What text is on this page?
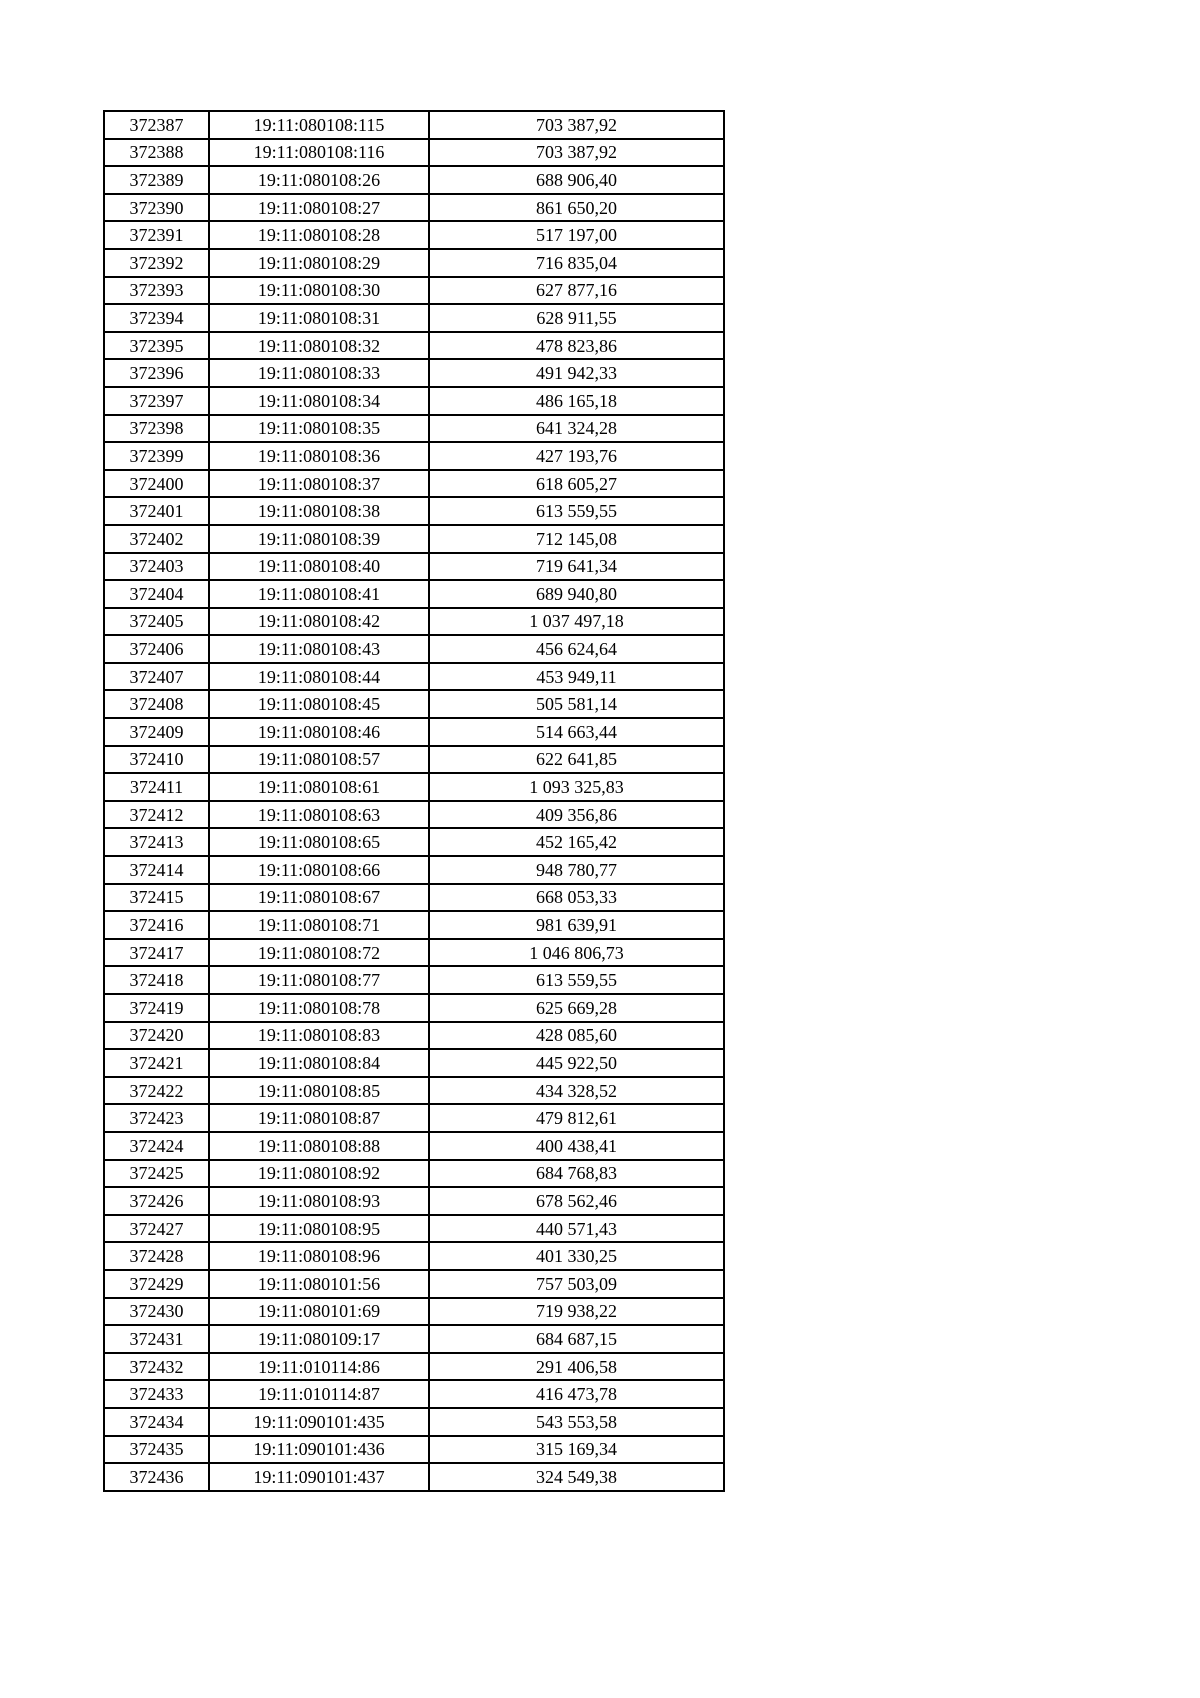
372387	19:11:080108:115	703 387,92
372388	19:11:080108:116	703 387,92
372389	19:11:080108:26	688 906,40
372390	19:11:080108:27	861 650,20
372391	19:11:080108:28	517 197,00
372392	19:11:080108:29	716 835,04
372393	19:11:080108:30	627 877,16
372394	19:11:080108:31	628 911,55
372395	19:11:080108:32	478 823,86
372396	19:11:080108:33	491 942,33
372397	19:11:080108:34	486 165,18
372398	19:11:080108:35	641 324,28
372399	19:11:080108:36	427 193,76
372400	19:11:080108:37	618 605,27
372401	19:11:080108:38	613 559,55
372402	19:11:080108:39	712 145,08
372403	19:11:080108:40	719 641,34
372404	19:11:080108:41	689 940,80
372405	19:11:080108:42	1 037 497,18
372406	19:11:080108:43	456 624,64
372407	19:11:080108:44	453 949,11
372408	19:11:080108:45	505 581,14
372409	19:11:080108:46	514 663,44
372410	19:11:080108:57	622 641,85
372411	19:11:080108:61	1 093 325,83
372412	19:11:080108:63	409 356,86
372413	19:11:080108:65	452 165,42
372414	19:11:080108:66	948 780,77
372415	19:11:080108:67	668 053,33
372416	19:11:080108:71	981 639,91
372417	19:11:080108:72	1 046 806,73
372418	19:11:080108:77	613 559,55
372419	19:11:080108:78	625 669,28
372420	19:11:080108:83	428 085,60
372421	19:11:080108:84	445 922,50
372422	19:11:080108:85	434 328,52
372423	19:11:080108:87	479 812,61
372424	19:11:080108:88	400 438,41
372425	19:11:080108:92	684 768,83
372426	19:11:080108:93	678 562,46
372427	19:11:080108:95	440 571,43
372428	19:11:080108:96	401 330,25
372429	19:11:080101:56	757 503,09
372430	19:11:080101:69	719 938,22
372431	19:11:080109:17	684 687,15
372432	19:11:010114:86	291 406,58
372433	19:11:010114:87	416 473,78
372434	19:11:090101:435	543 553,58
372435	19:11:090101:436	315 169,34
372436	19:11:090101:437	324 549,38
